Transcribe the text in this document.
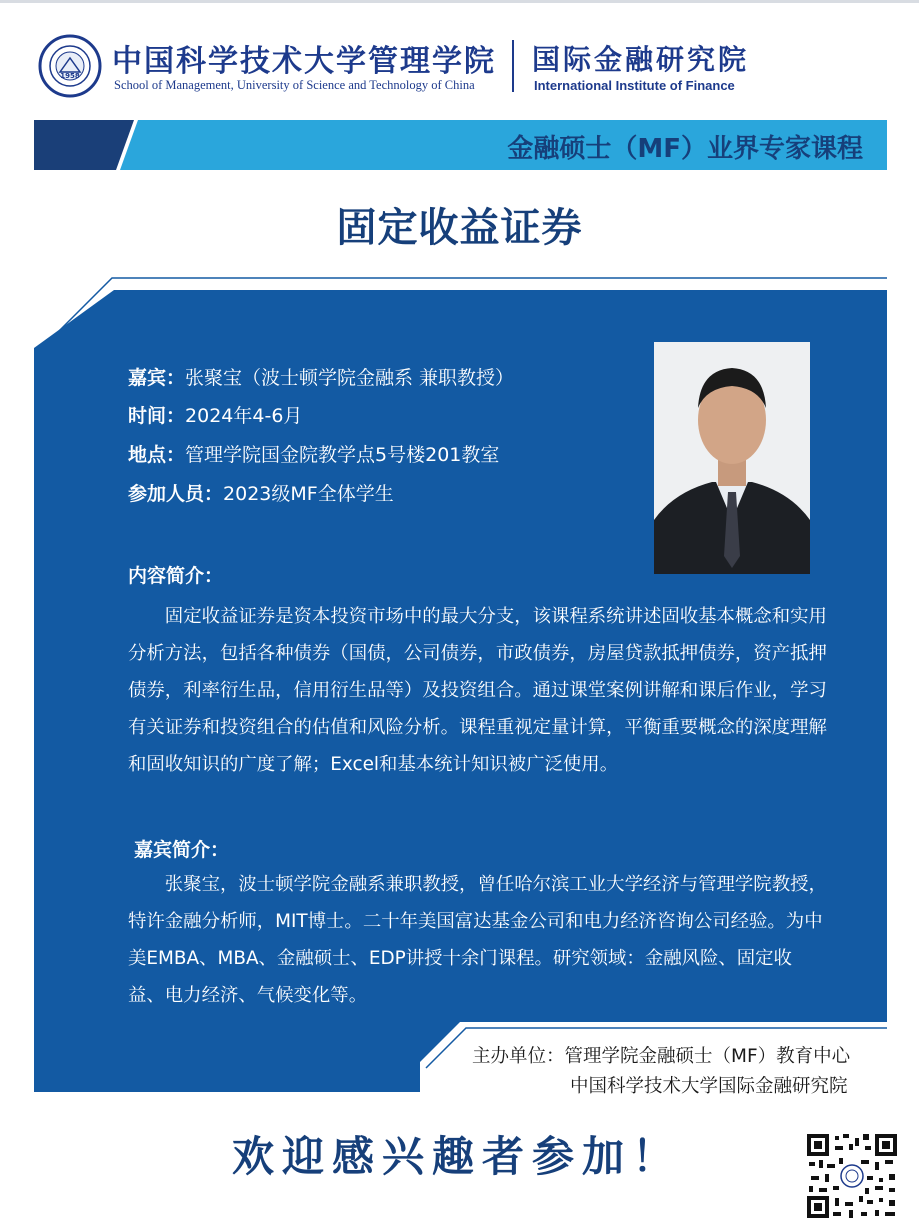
1958 中国科学技术大学管理学院
School of Management, University of Science and Technology of China
国际金融研究院
International Institute of Finance
金融硕士（MF）业界专家课程
固定收益证券
嘉宾：张聚宝（波士顿学院金融系 兼职教授）
时间：2024年4-6月
地点：管理学院国金院教学点5号楼201教室
参加人员：2023级MF全体学生
内容简介：

固定收益证券是资本投资市场中的最大分支，该课程系统讲述固收基本概念和实用分析方法，包括各种债券（国债，公司债券，市政债券，房屋贷款抵押债券，资产抵押债券，利率衍生品，信用衍生品等）及投资组合。通过课堂案例讲解和课后作业，学习有关证券和投资组合的估值和风险分析。课程重视定量计算，平衡重要概念的深度理解和固收知识的广度了解；Excel和基本统计知识被广泛使用。

嘉宾简介：

张聚宝，波士顿学院金融系兼职教授，曾任哈尔滨工业大学经济与管理学院教授，特许金融分析师，MIT博士。二十年美国富达基金公司和电力经济咨询公司经验。为中美EMBA、MBA、金融硕士、EDP讲授十余门课程。研究领域：金融风险、固定收益、电力经济、气候变化等。

主办单位：管理学院金融硕士（MF）教育中心
中国科学技术大学国际金融研究院
欢迎感兴趣者参加！
